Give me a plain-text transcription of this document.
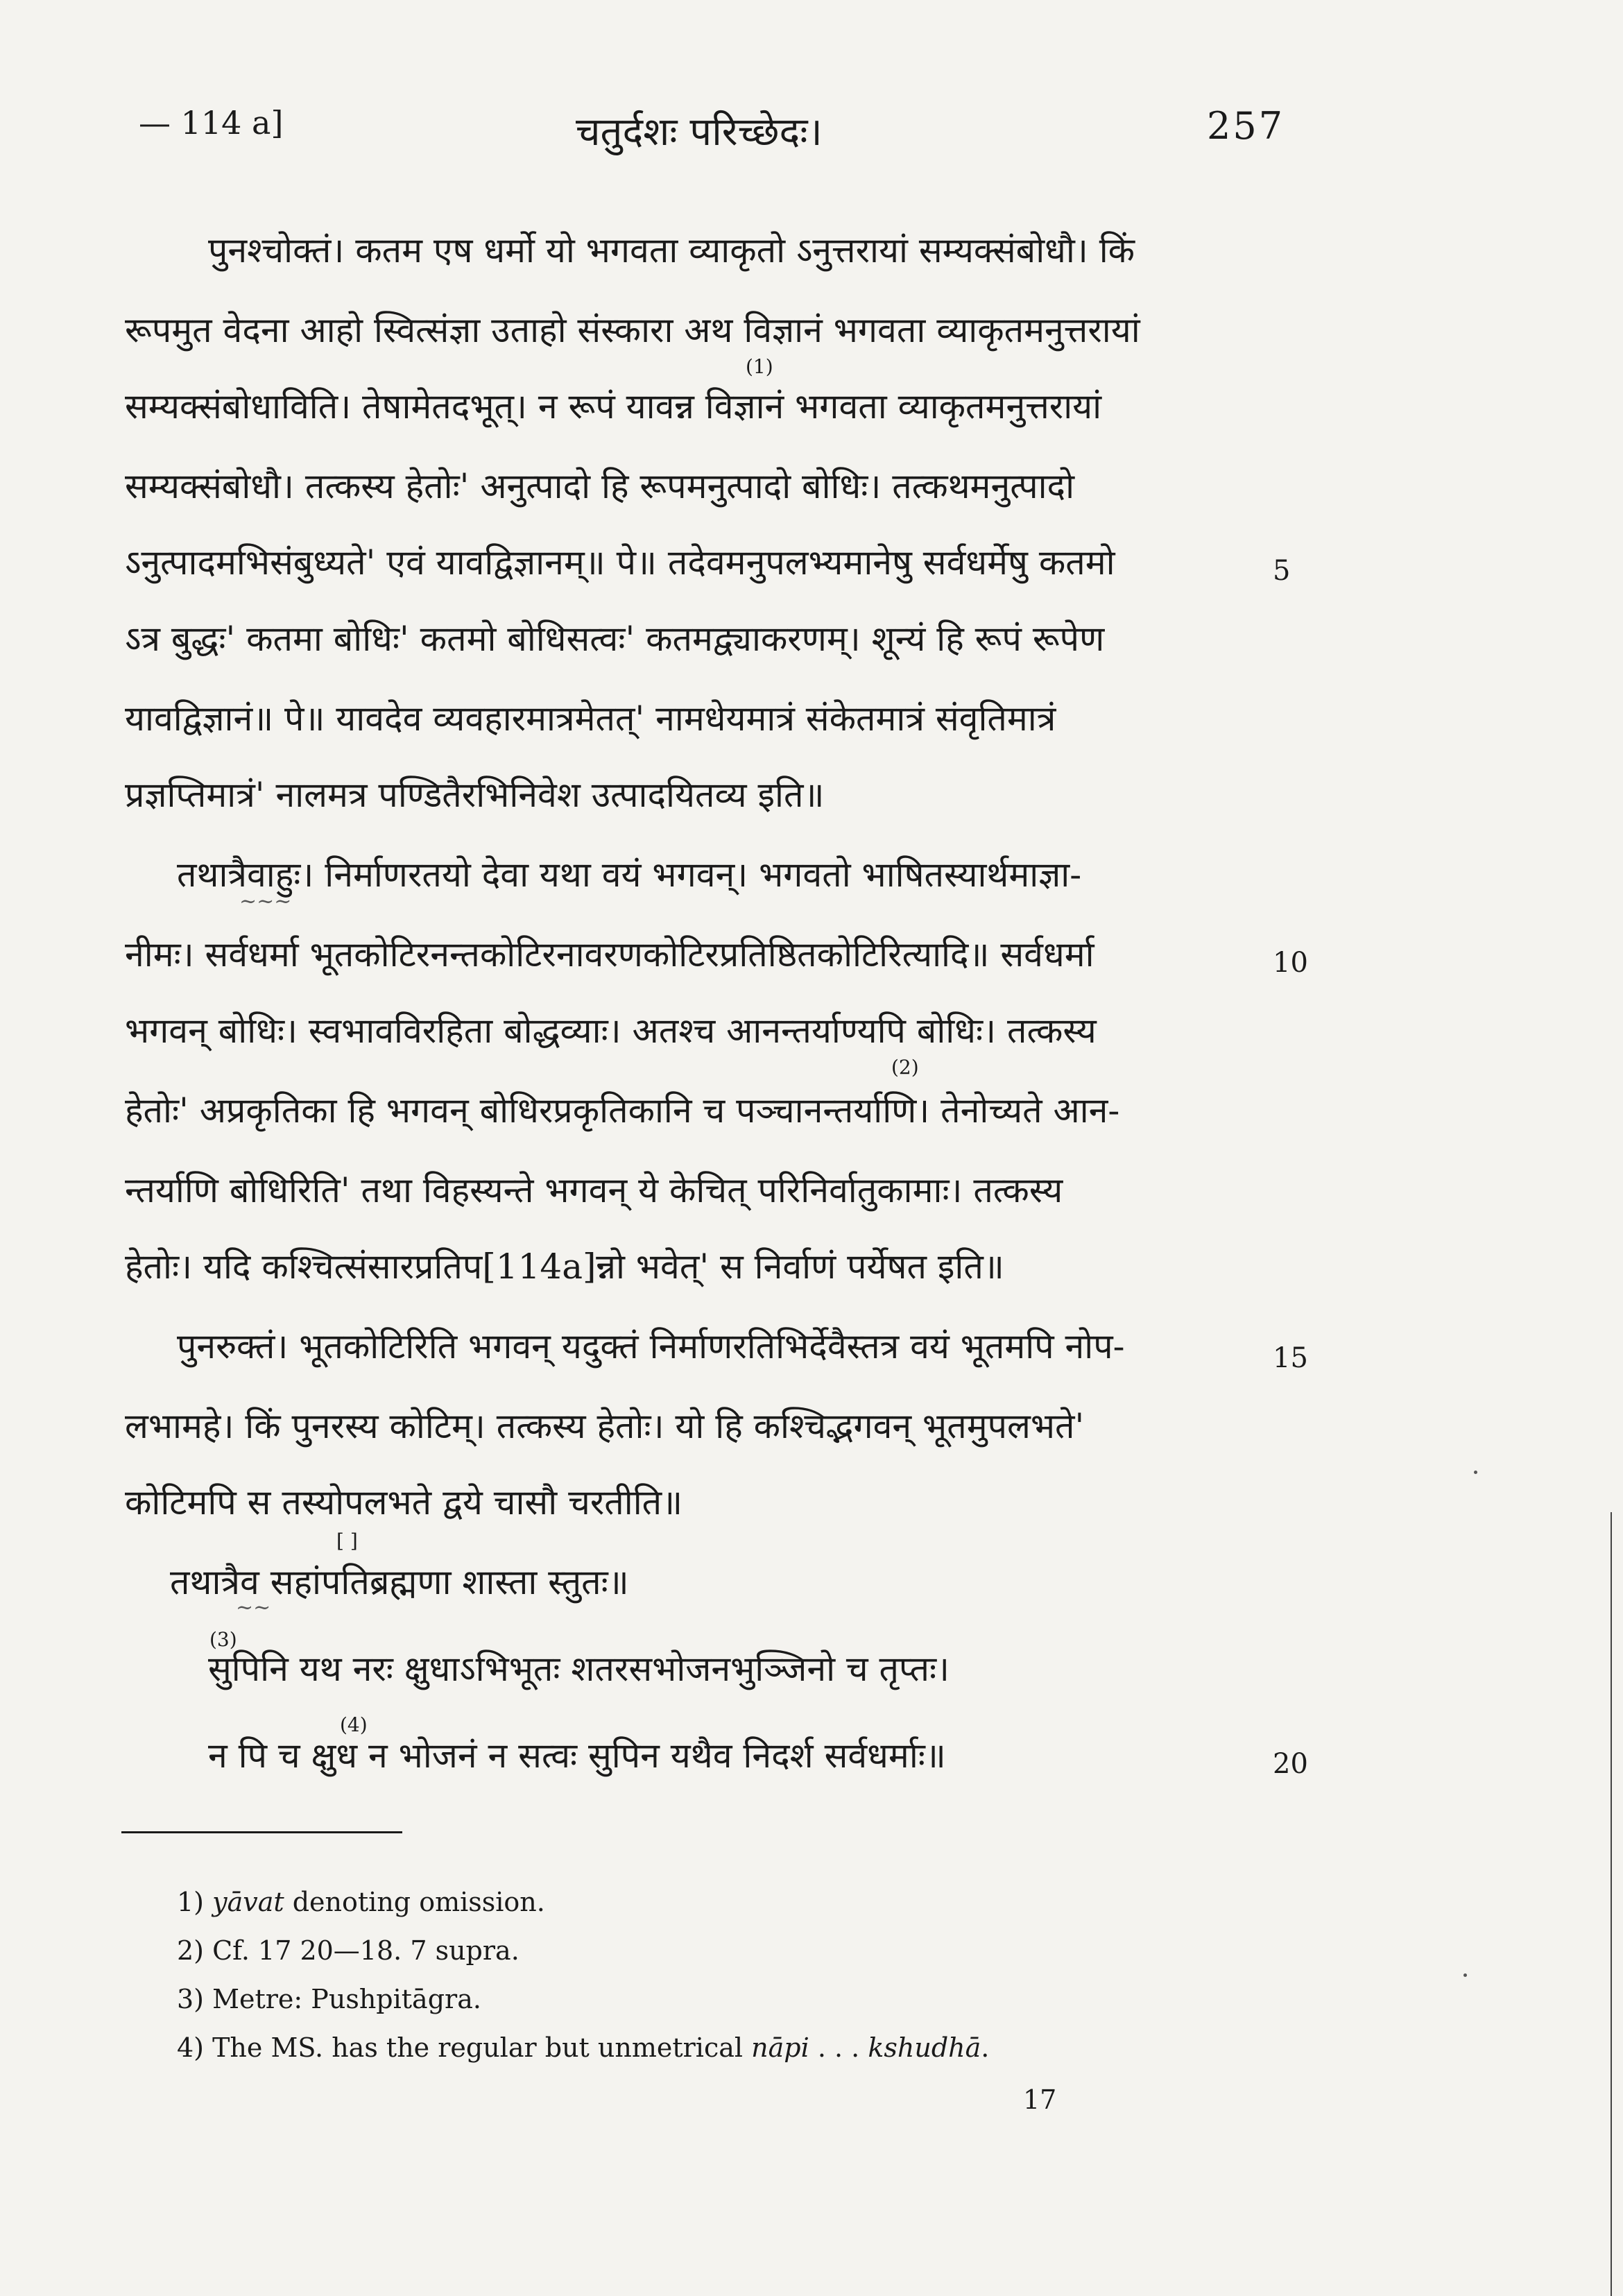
— 114 a]	चतुर्दशः परिच्छेदः।	257
पुनश्चोक्तं। कतम एष धर्मो यो भगवता व्याकृतो ऽनुत्तरायां सम्यक्संबोधौ। किं
रूपमुत वेदना आहो स्वित्संज्ञा उताहो संस्कारा अथ विज्ञानं भगवता व्याकृतमनुत्तरायां
(1)
सम्यक्संबोधाविति। तेषामेतदभूत्। न रूपं यावन्न विज्ञानं भगवता व्याकृतमनुत्तरायां
सम्यक्संबोधौ। तत्कस्य हेतोः' अनुत्पादो हि रूपमनुत्पादो बोधिः। तत्कथमनुत्पादो
ऽनुत्पादमभिसंबुध्यते' एवं यावद्विज्ञानम्॥ पे॥ तदेवमनुपलभ्यमानेषु सर्वधर्मेषु कतमो
ऽत्र बुद्धः' कतमा बोधिः' कतमो बोधिसत्वः' कतमद्व्याकरणम्। शून्यं हि रूपं रूपेण
यावद्विज्ञानं॥ पे॥ यावदेव व्यवहारमात्रमेतत्' नामधेयमात्रं संकेतमात्रं संवृतिमात्रं
प्रज्ञप्तिमात्रं' नालमत्र पण्डितैरभिनिवेश उत्पादयितव्य इति॥
तथात्रैवाहुः। निर्माणरतयो देवा यथा वयं भगवन्। भगवतो भाषितस्यार्थमाज्ञा-
~~~
नीमः। सर्वधर्मा भूतकोटिरनन्तकोटिरनावरणकोटिरप्रतिष्ठितकोटिरित्यादि॥ सर्वधर्मा
भगवन् बोधिः। स्वभावविरहिता बोद्धव्याः। अतश्च आनन्तर्याण्यपि बोधिः। तत्कस्य
(2)
हेतोः' अप्रकृतिका हि भगवन् बोधिरप्रकृतिकानि च पञ्चानन्तर्याणि। तेनोच्यते आन-
न्तर्याणि बोधिरिति' तथा विहस्यन्ते भगवन् ये केचित् परिनिर्वातुकामाः। तत्कस्य
हेतोः। यदि कश्चित्संसारप्रतिप[114a]न्नो भवेत्' स निर्वाणं पर्येषत इति॥
पुनरुक्तं। भूतकोटिरिति भगवन् यदुक्तं निर्माणरतिभिर्देवैस्तत्र वयं भूतमपि नोप-
लभामहे। किं पुनरस्य कोटिम्। तत्कस्य हेतोः। यो हि कश्चिद्भगवन् भूतमुपलभते'
कोटिमपि स तस्योपलभते द्वये चासौ चरतीति॥
[ ]
तथात्रैव सहांपतिब्रह्मणा शास्ता स्तुतः॥
~~
(3)
सुपिनि यथ नरः क्षुधाऽभिभूतः शतरसभोजनभुञ्जिनो च तृप्तः।
(4)
न पि च क्षुध न भोजनं न सत्वः सुपिन यथैव निदर्श सर्वधर्माः॥
5
10
15
20
1) yāvat denoting omission.
2) Cf. 17 20—18. 7 supra.
3) Metre: Pushpitāgra.
4) The MS. has the regular but unmetrical nāpi . . . kshudhā.
17
